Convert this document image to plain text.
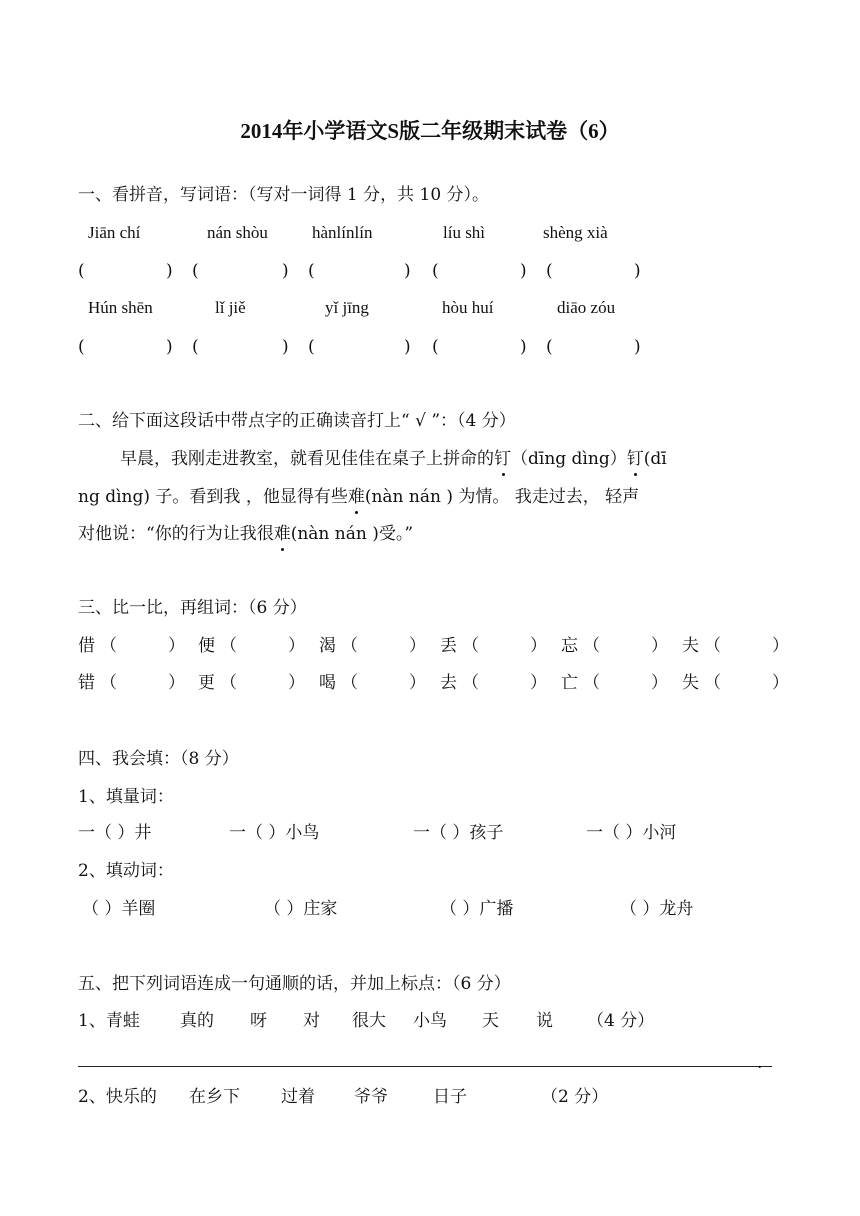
2014年小学语文S版二年级期末试卷（6）
一、看拼音，写词语：（写对一词得 1 分，共 10 分）。
Jiān chí	nán shòu	hànlínlín	líu shì	shèng xià
(	) (	) (	) (	) (	)
Hún shēn	lǐ jiě	yǐ jīng	hòu huí	diāo zóu
(	) (	) (	) (	) (	)
二、给下面这段话中带点字的正确读音打上“ √ ”：（4 分）
早晨，我刚走进教室，就看见佳佳在桌子上拼命的钉（dīng dìng）钉(dī
ng dìng) 子。看到我 ，他显得有些难(nàn nán ) 为情。 我走过去， 轻声
对他说：“你的行为让我很难(nàn nán )受。”
三、比一比，再组词：（6 分）
借 （	） 便 （	） 渴 （	） 丢 （	） 忘 （	） 夫 （	）
错 （	） 更 （	） 喝 （	） 去 （	） 亡 （	） 失 （	）
四、我会填：（8 分）
1、填量词：
一（ ）井	一（ ）小鸟	一（ ）孩子	一（ ）小河
2、填动词：
（ ）羊圈	（ ）庄家	（ ）广播	（ ）龙舟
五、把下列词语连成一句通顺的话，并加上标点：（6 分）
1、青蛙 真的 呀 对 很大 小鸟 天 说 （4 分）
.
2、快乐的 在乡下 过着 爷爷	日子	（2 分）
